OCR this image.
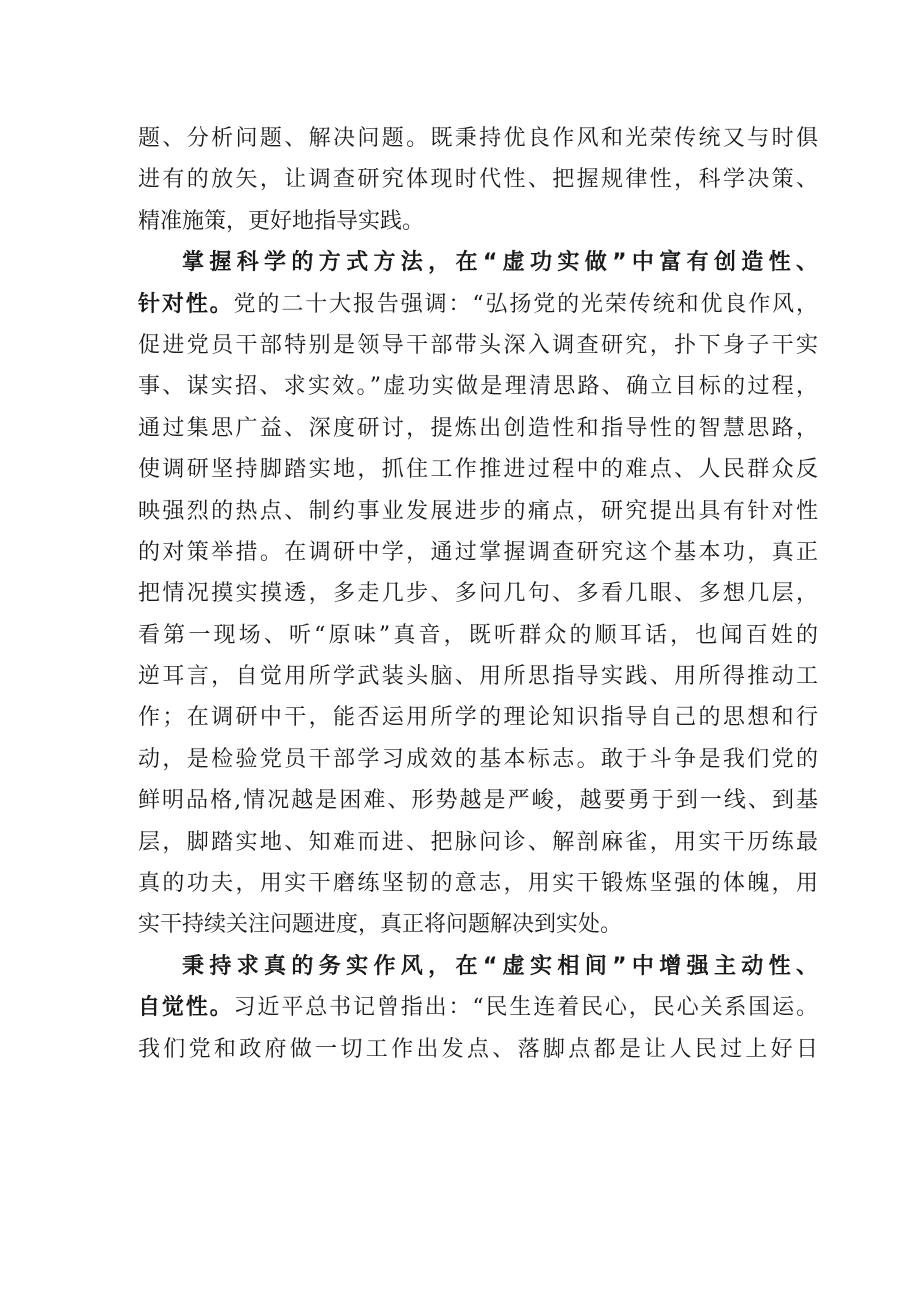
题、分析问题、解决问题。既秉持优良作风和光荣传统又与时俱
进有的放矢，让调查研究体现时代性、把握规律性，科学决策、
精准施策，更好地指导实践。
掌握科学的方式方法，在“虚功实做”中富有创造性、
针对性。党的二十大报告强调：“弘扬党的光荣传统和优良作风，
促进党员干部特别是领导干部带头深入调查研究，扑下身子干实
事、谋实招、求实效。”虚功实做是理清思路、确立目标的过程，
通过集思广益、深度研讨，提炼出创造性和指导性的智慧思路，
使调研坚持脚踏实地，抓住工作推进过程中的难点、人民群众反
映强烈的热点、制约事业发展进步的痛点，研究提出具有针对性
的对策举措。在调研中学，通过掌握调查研究这个基本功，真正
把情况摸实摸透，多走几步、多问几句、多看几眼、多想几层，
看第一现场、听“原味”真音，既听群众的顺耳话，也闻百姓的
逆耳言，自觉用所学武装头脑、用所思指导实践、用所得推动工
作；在调研中干，能否运用所学的理论知识指导自己的思想和行
动，是检验党员干部学习成效的基本标志。敢于斗争是我们党的
鲜明品格,情况越是困难、形势越是严峻，越要勇于到一线、到基
层，脚踏实地、知难而进、把脉问诊、解剖麻雀，用实干历练最
真的功夫，用实干磨练坚韧的意志，用实干锻炼坚强的体魄，用
实干持续关注问题进度，真正将问题解决到实处。
秉持求真的务实作风，在“虚实相间”中增强主动性、
自觉性。习近平总书记曾指出：“民生连着民心，民心关系国运。
我们党和政府做一切工作出发点、落脚点都是让人民过上好日
